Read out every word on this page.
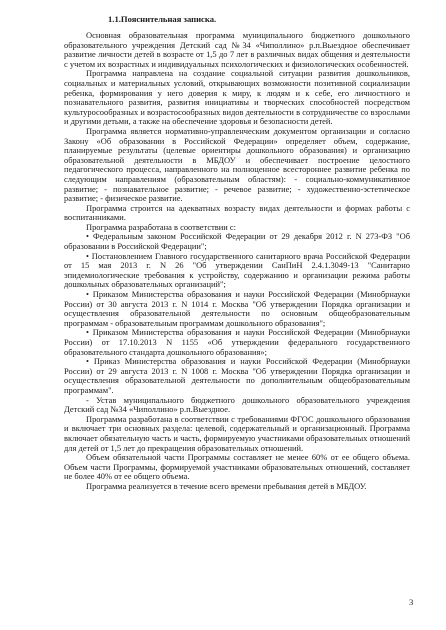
1.1.Пояснительная записка.

Основная образовательная программа муниципального бюджетного дошкольного образовательного учреждения Детский сад №34 «Чиполлино» р.п.Выездное обеспечивает развитие личности детей в возрасте от 1,5 до 7 лет в различных видах общения и деятельности с учетом их возрастных и индивидуальных психологических и физиологических особенностей.

Программа направлена на создание социальной ситуации развития дошкольников, социальных и материальных условий, открывающих возможности позитивной социализации ребенка, формирования у него доверия к миру, к людям и к себе, его личностного и познавательного развития, развития инициативы и творческих способностей посредством культуросообразных и возрастосообразных видов деятельности в сотрудничестве со взрослыми и другими детьми, а также на обеспечение здоровья и безопасности детей.

Программа является нормативно-управленческим документом организации и согласно Закону «Об образовании в Российской Федерации» определяет объем, содержание, планируемые результаты (целевые ориентиры дошкольного образования) и организацию образовательной деятельности в МБДОУ и обеспечивает построение целостного педагогического процесса, направленного на полноценное всестороннее развитие ребенка по следующим направлениям (образовательным областям): - социально-коммуникативное развитие; - познавательное развитие; - речевое развитие; - художественно-эстетическое развитие; - физическое развитие.

Программа строится на адекватных возрасту видах деятельности и формах работы с воспитанниками.

Программа разработана в соответствии с:

• Федеральным законом Российской Федерации от 29 декабря 2012 г. N 273-ФЗ "Об образовании в Российской Федерации";

• Постановлением Главного государственного санитарного врача Российской Федерации от 15 мая 2013 г. N 26 "Об утверждении СанПиН 2.4.1.3049-13 "Санитарно эпидемиологические требования к устройству, содержанию и организации режима работы дошкольных образовательных организаций";

• Приказом Министерства образования и науки Российской Федерации (Минобрнауки России) от 30 августа 2013 г. N 1014 г. Москва "Об утверждении Порядка организации и осуществления образовательной деятельности по основным общеобразовательным программам - образовательным программам дошкольного образования";

• Приказом Министерства образования и науки Российской Федерации (Минобрнауки России) от 17.10.2013 N 1155 «Об утверждении федерального государственного образовательного стандарта дошкольного образования»;

• Приказ Министерства образования и науки Российской Федерации (Минобрнауки России) от 29 августа 2013 г. N 1008 г. Москва "Об утверждении Порядка организации и осуществления образовательной деятельности по дополнительным общеобразовательным программам".

- Устав муниципального бюджетного дошкольного образовательного учреждения Детский сад №34 «Чиполлино» р.п.Выездное.

Программа разработана в соответствии с требованиями ФГОС дошкольного образования и включает три основных раздела: целевой, содержательный и организационный. Программа включает обязательную часть и часть, формируемую участниками образовательных отношений для детей от 1,5 лет до прекращения образовательных отношений.

Объем обязательной части Программы составляет не менее 60% от ее общего объема. Объем части Программы, формируемой участниками образовательных отношений, составляет не более 40% от ее общего объема.

Программа реализуется в течение всего времени пребывания детей в МБДОУ.

3
